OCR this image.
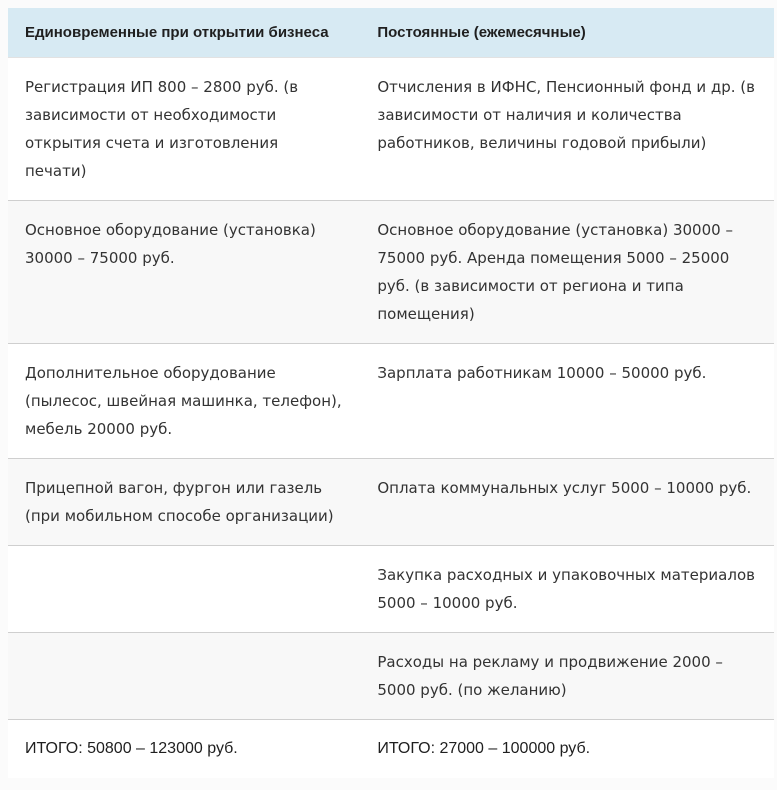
Единовременные при открытии бизнеса	Постоянные (ежемесячные)
Регистрация ИП 800 – 2800 руб. (в зависимости от необходимости открытия счета и изготовления печати)	Отчисления в ИФНС, Пенсионный фонд и др. (в зависимости от наличия и количества работников, величины годовой прибыли)
Основное оборудование (установка) 30000 – 75000 руб.	Основное оборудование (установка) 30000 – 75000 руб. Аренда помещения 5000 – 25000 руб. (в зависимости от региона и типа помещения)
Дополнительное оборудование (пылесос, швейная машинка, телефон), мебель 20000 руб.	Зарплата работникам 10000 – 50000 руб.
Прицепной вагон, фургон или газель (при мобильном способе организации)	Оплата коммунальных услуг 5000 – 10000 руб.
	Закупка расходных и упаковочных материалов 5000 – 10000 руб.
	Расходы на рекламу и продвижение 2000 – 5000 руб. (по желанию)
ИТОГО: 50800 – 123000 руб.	ИТОГО: 27000 – 100000 руб.
